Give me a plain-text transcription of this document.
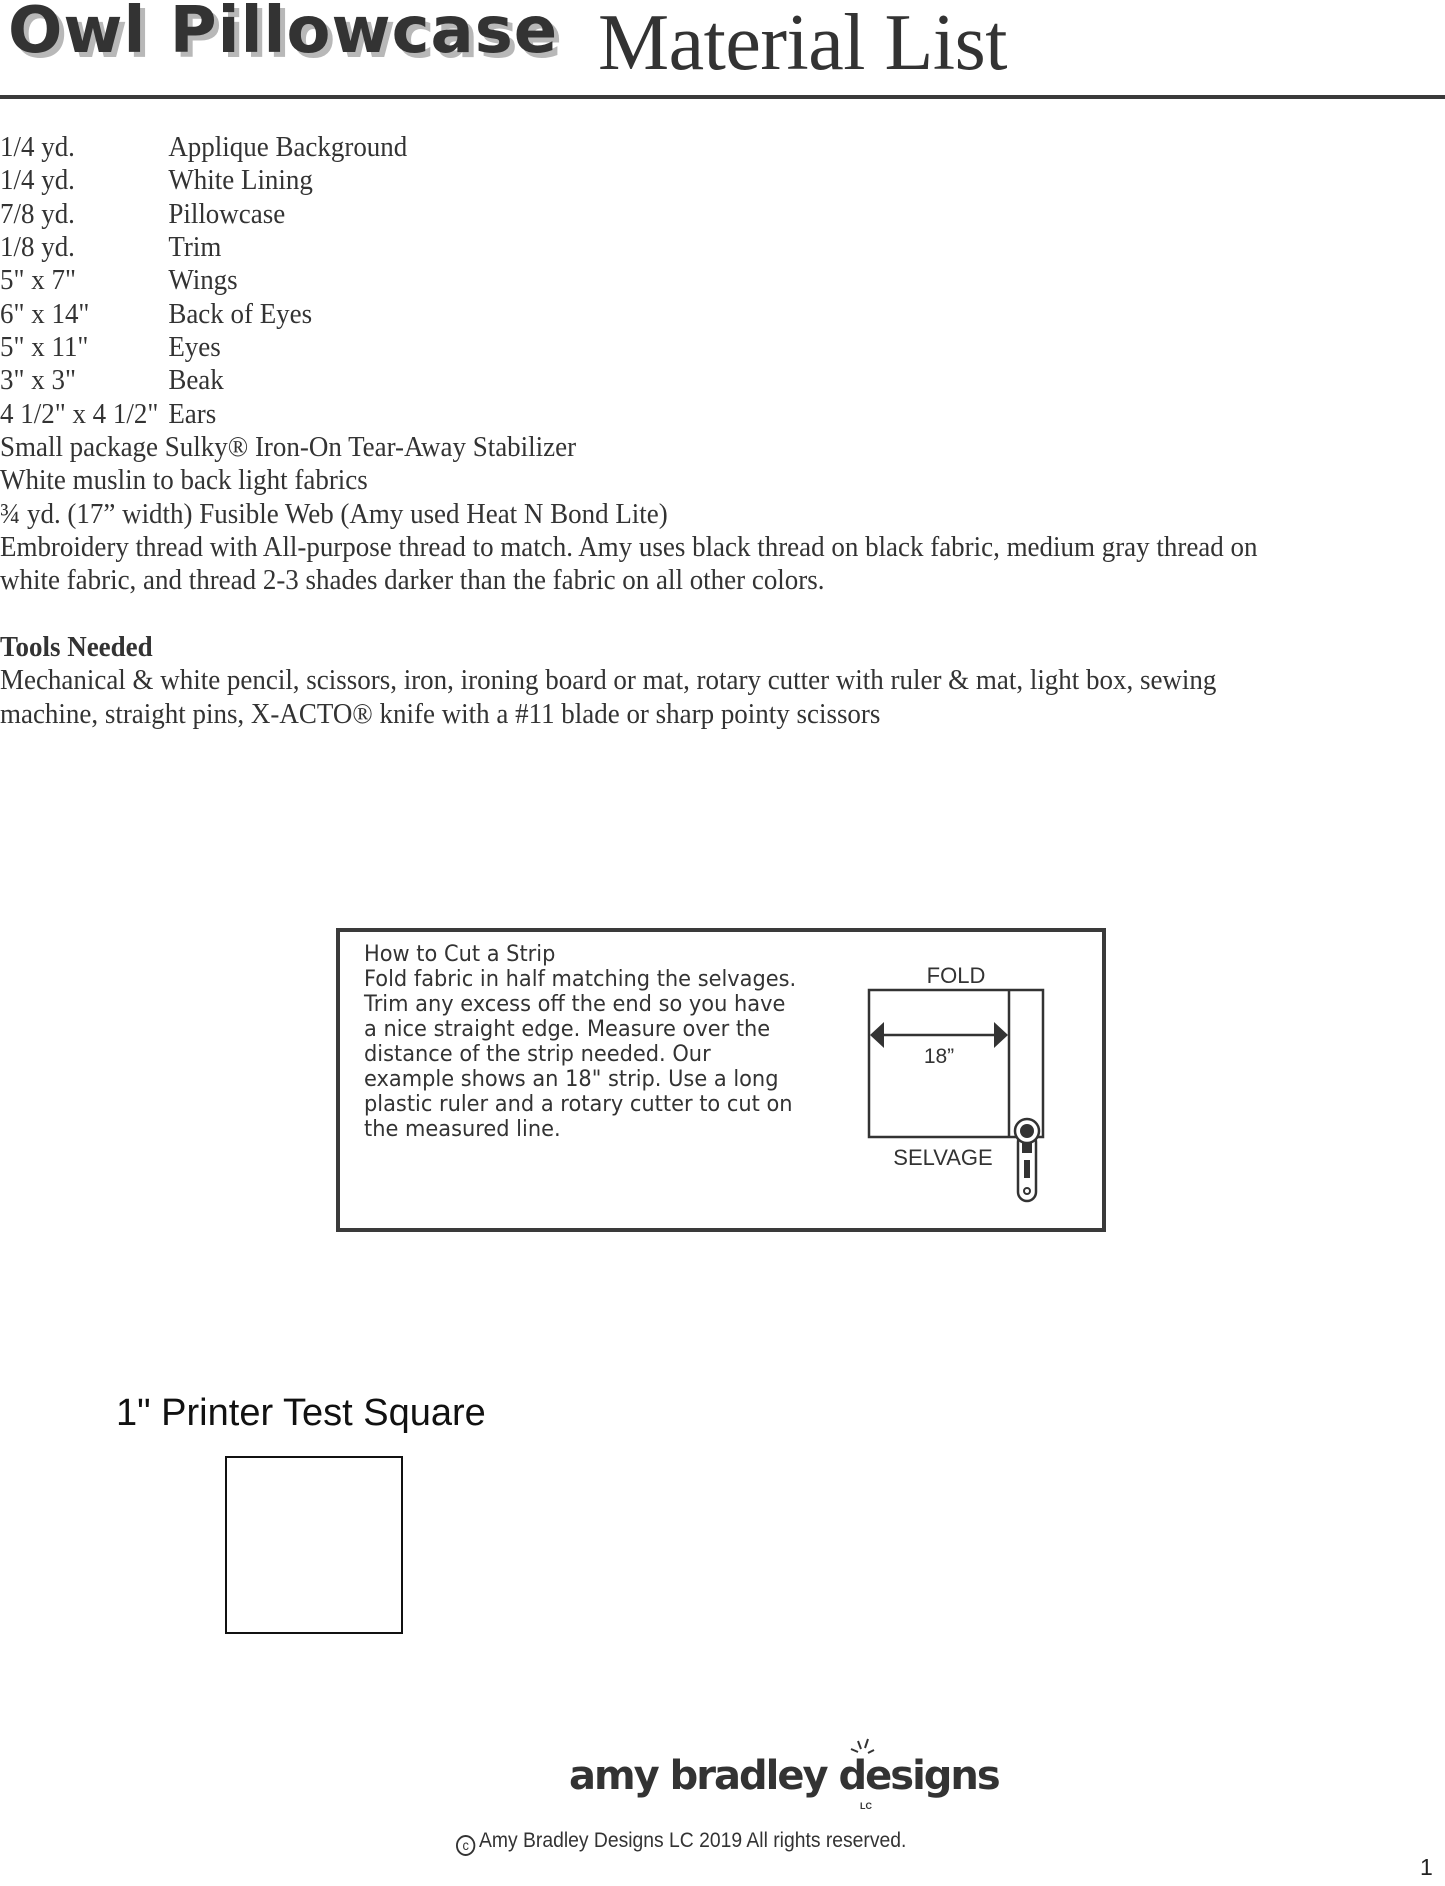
Owl Pillowcase Material List
1/4 yd.	Applique Background
1/4 yd.	White Lining
7/8 yd.	Pillowcase
1/8 yd.	Trim
5" x 7"	Wings
6" x 14"	Back of Eyes
5" x 11"	Eyes
3" x 3"	Beak
4 1/2" x 4 1/2" Ears
Small package Sulky® Iron-On Tear-Away Stabilizer
White muslin to back light fabrics
¾ yd. (17” width) Fusible Web (Amy used Heat N Bond Lite)
Embroidery thread with All-purpose thread to match. Amy uses black thread on black fabric, medium gray thread on
white fabric, and thread 2-3 shades darker than the fabric on all other colors.
Tools Needed
Mechanical & white pencil, scissors, iron, ironing board or mat, rotary cutter with ruler & mat, light box, sewing
machine, straight pins, X-ACTO® knife with a #11 blade or sharp pointy scissors
How to Cut a Strip
Fold fabric in half matching the selvages.
Trim any excess off the end so you have
a nice straight edge. Measure over the
distance of the strip needed. Our
example shows an 18" strip. Use a long
plastic ruler and a rotary cutter to cut on
the measured line.
FOLD
18”
SELVAGE
1" Printer Test Square
amy bradley designs
LC
c Amy Bradley Designs LC 2019 All rights reserved.
1
